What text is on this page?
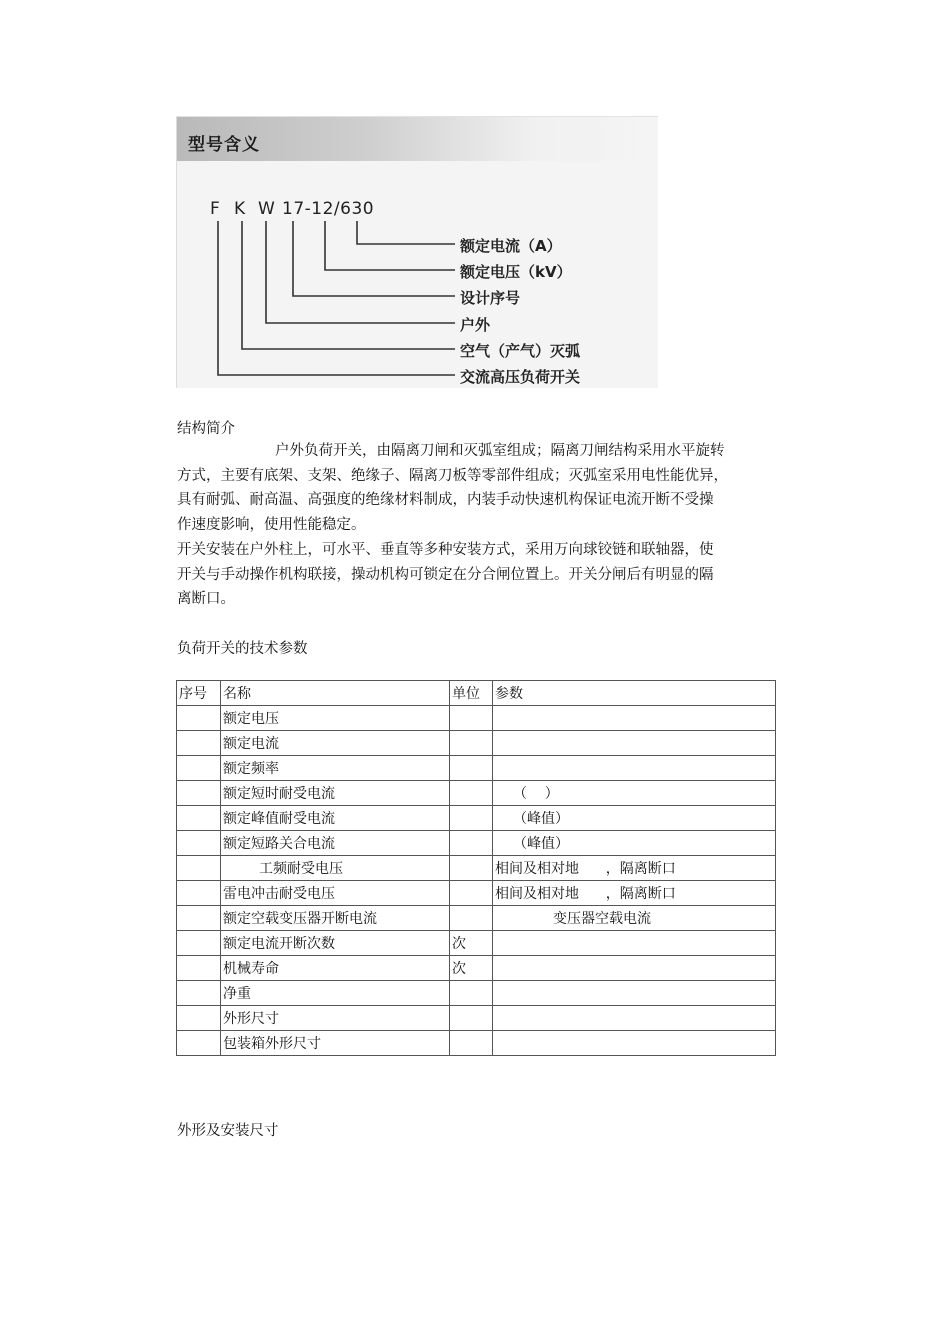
型号含义
F K W 17-12/630
额定电流（A）
额定电压（kV）
设计序号
户外
空气（产气）灭弧
交流高压负荷开关
结构简介
户外负荷开关，由隔离刀闸和灭弧室组成；隔离刀闸结构采用水平旋转
方式，主要有底架、支架、绝缘子、隔离刀板等零部件组成；灭弧室采用电性能优异，
具有耐弧、耐高温、高强度的绝缘材料制成，内装手动快速机构保证电流开断不受操
作速度影响，使用性能稳定。
开关安装在户外柱上，可水平、垂直等多种安装方式，采用万向球铰链和联轴器，使
开关与手动操作机构联接，操动机构可锁定在分合闸位置上。开关分闸后有明显的隔
离断口。
负荷开关的技术参数
序号	名称	单位	参数
	额定电压		
	额定电流		
	额定频率		
	额定短时耐受电流		（    ）
	额定峰值耐受电流		（峰值）
	额定短路关合电流		（峰值）
	工频耐受电压		相间及相对地      ，隔离断口
	雷电冲击耐受电压		相间及相对地      ，隔离断口
	额定空载变压器开断电流		变压器空载电流
	额定电流开断次数	次	
	机械寿命	次	
	净重		
	外形尺寸		
	包装箱外形尺寸		
外形及安装尺寸
